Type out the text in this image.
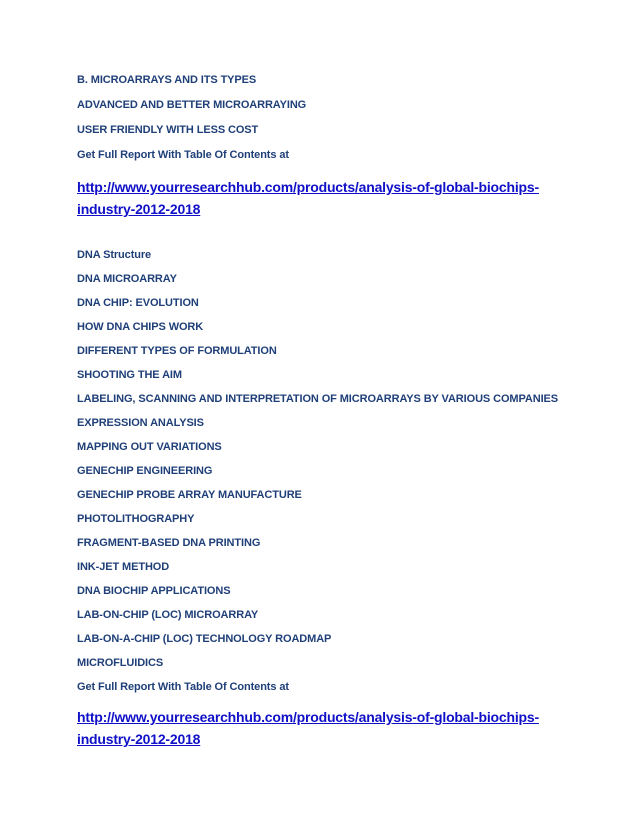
B. MICROARRAYS AND ITS TYPES

ADVANCED AND BETTER MICROARRAYING

USER FRIENDLY WITH LESS COST

Get Full Report With Table Of Contents at

http://www.yourresearchhub.com/products/analysis-of-global-biochips-
industry-2012-2018

DNA Structure

DNA MICROARRAY

DNA CHIP: EVOLUTION

HOW DNA CHIPS WORK

DIFFERENT TYPES OF FORMULATION

SHOOTING THE AIM

LABELING, SCANNING AND INTERPRETATION OF MICROARRAYS BY VARIOUS COMPANIES

EXPRESSION ANALYSIS

MAPPING OUT VARIATIONS

GENECHIP ENGINEERING

GENECHIP PROBE ARRAY MANUFACTURE

PHOTOLITHOGRAPHY

FRAGMENT-BASED DNA PRINTING

INK-JET METHOD

DNA BIOCHIP APPLICATIONS

LAB-ON-CHIP (LOC) MICROARRAY

LAB-ON-A-CHIP (LOC) TECHNOLOGY ROADMAP

MICROFLUIDICS

Get Full Report With Table Of Contents at

http://www.yourresearchhub.com/products/analysis-of-global-biochips-
industry-2012-2018
